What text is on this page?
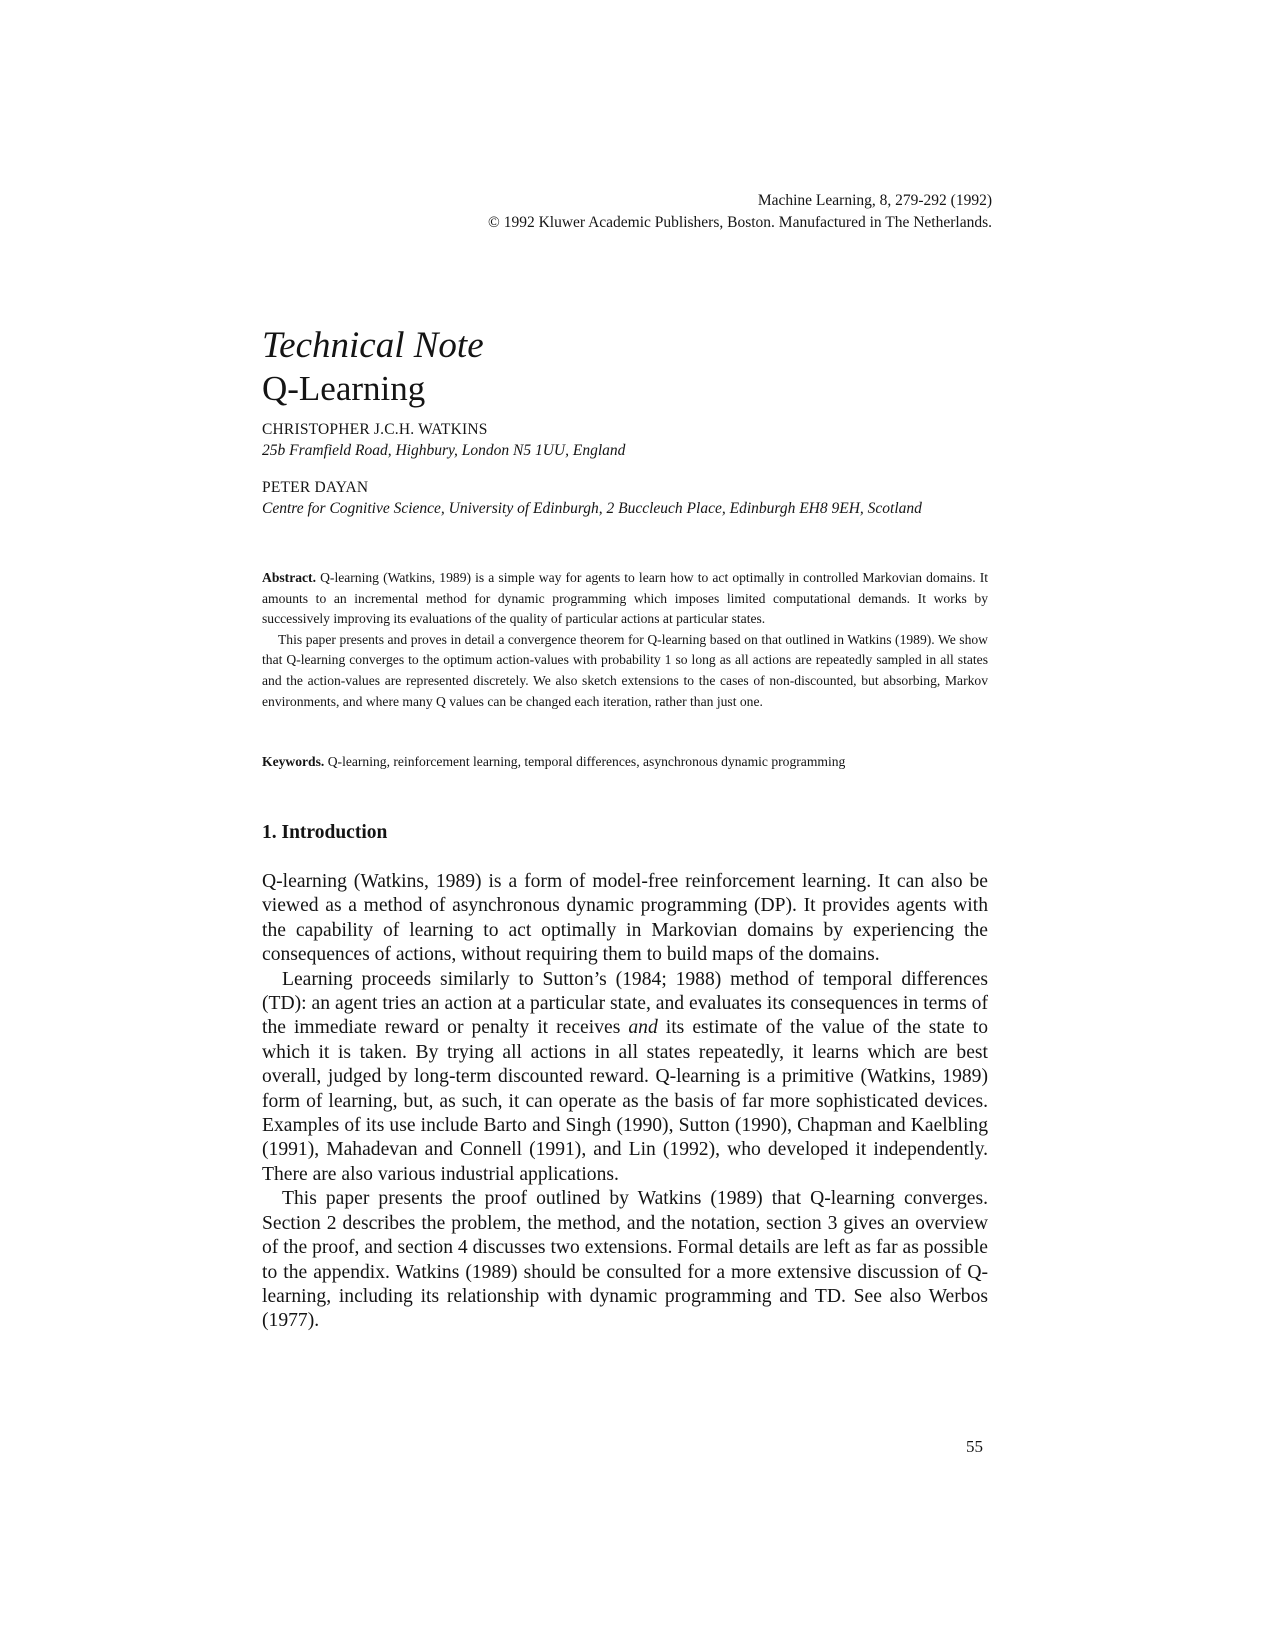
Machine Learning, 8, 279-292 (1992)
© 1992 Kluwer Academic Publishers, Boston. Manufactured in The Netherlands.
Technical Note
Q-Learning
CHRISTOPHER J.C.H. WATKINS
25b Framfield Road, Highbury, London N5 1UU, England
PETER DAYAN
Centre for Cognitive Science, University of Edinburgh, 2 Buccleuch Place, Edinburgh EH8 9EH, Scotland

Abstract. Q-learning (Watkins, 1989) is a simple way for agents to learn how to act optimally in controlled Markovian domains. It amounts to an incremental method for dynamic programming which imposes limited computational demands. It works by successively improving its evaluations of the quality of particular actions at particular states.

This paper presents and proves in detail a convergence theorem for Q-learning based on that outlined in Watkins (1989). We show that Q-learning converges to the optimum action-values with probability 1 so long as all actions are repeatedly sampled in all states and the action-values are represented discretely. We also sketch extensions to the cases of non-discounted, but absorbing, Markov environments, and where many Q values can be changed each iteration, rather than just one.

Keywords. Q-learning, reinforcement learning, temporal differences, asynchronous dynamic programming
1. Introduction

Q-learning (Watkins, 1989) is a form of model-free reinforcement learning. It can also be viewed as a method of asynchronous dynamic programming (DP). It provides agents with the capability of learning to act optimally in Markovian domains by experiencing the consequences of actions, without requiring them to build maps of the domains.

Learning proceeds similarly to Sutton’s (1984; 1988) method of temporal differences (TD): an agent tries an action at a particular state, and evaluates its consequences in terms of the immediate reward or penalty it receives and its estimate of the value of the state to which it is taken. By trying all actions in all states repeatedly, it learns which are best overall, judged by long-term discounted reward. Q-learning is a primitive (Watkins, 1989) form of learning, but, as such, it can operate as the basis of far more sophisticated devices. Examples of its use include Barto and Singh (1990), Sutton (1990), Chapman and Kaelbling (1991), Mahadevan and Connell (1991), and Lin (1992), who developed it independently. There are also various industrial applications.

This paper presents the proof outlined by Watkins (1989) that Q-learning converges. Section 2 describes the problem, the method, and the notation, section 3 gives an overview of the proof, and section 4 discusses two extensions. Formal details are left as far as possible to the appendix. Watkins (1989) should be consulted for a more extensive discussion of Q-learning, including its relationship with dynamic programming and TD. See also Werbos (1977).

55
